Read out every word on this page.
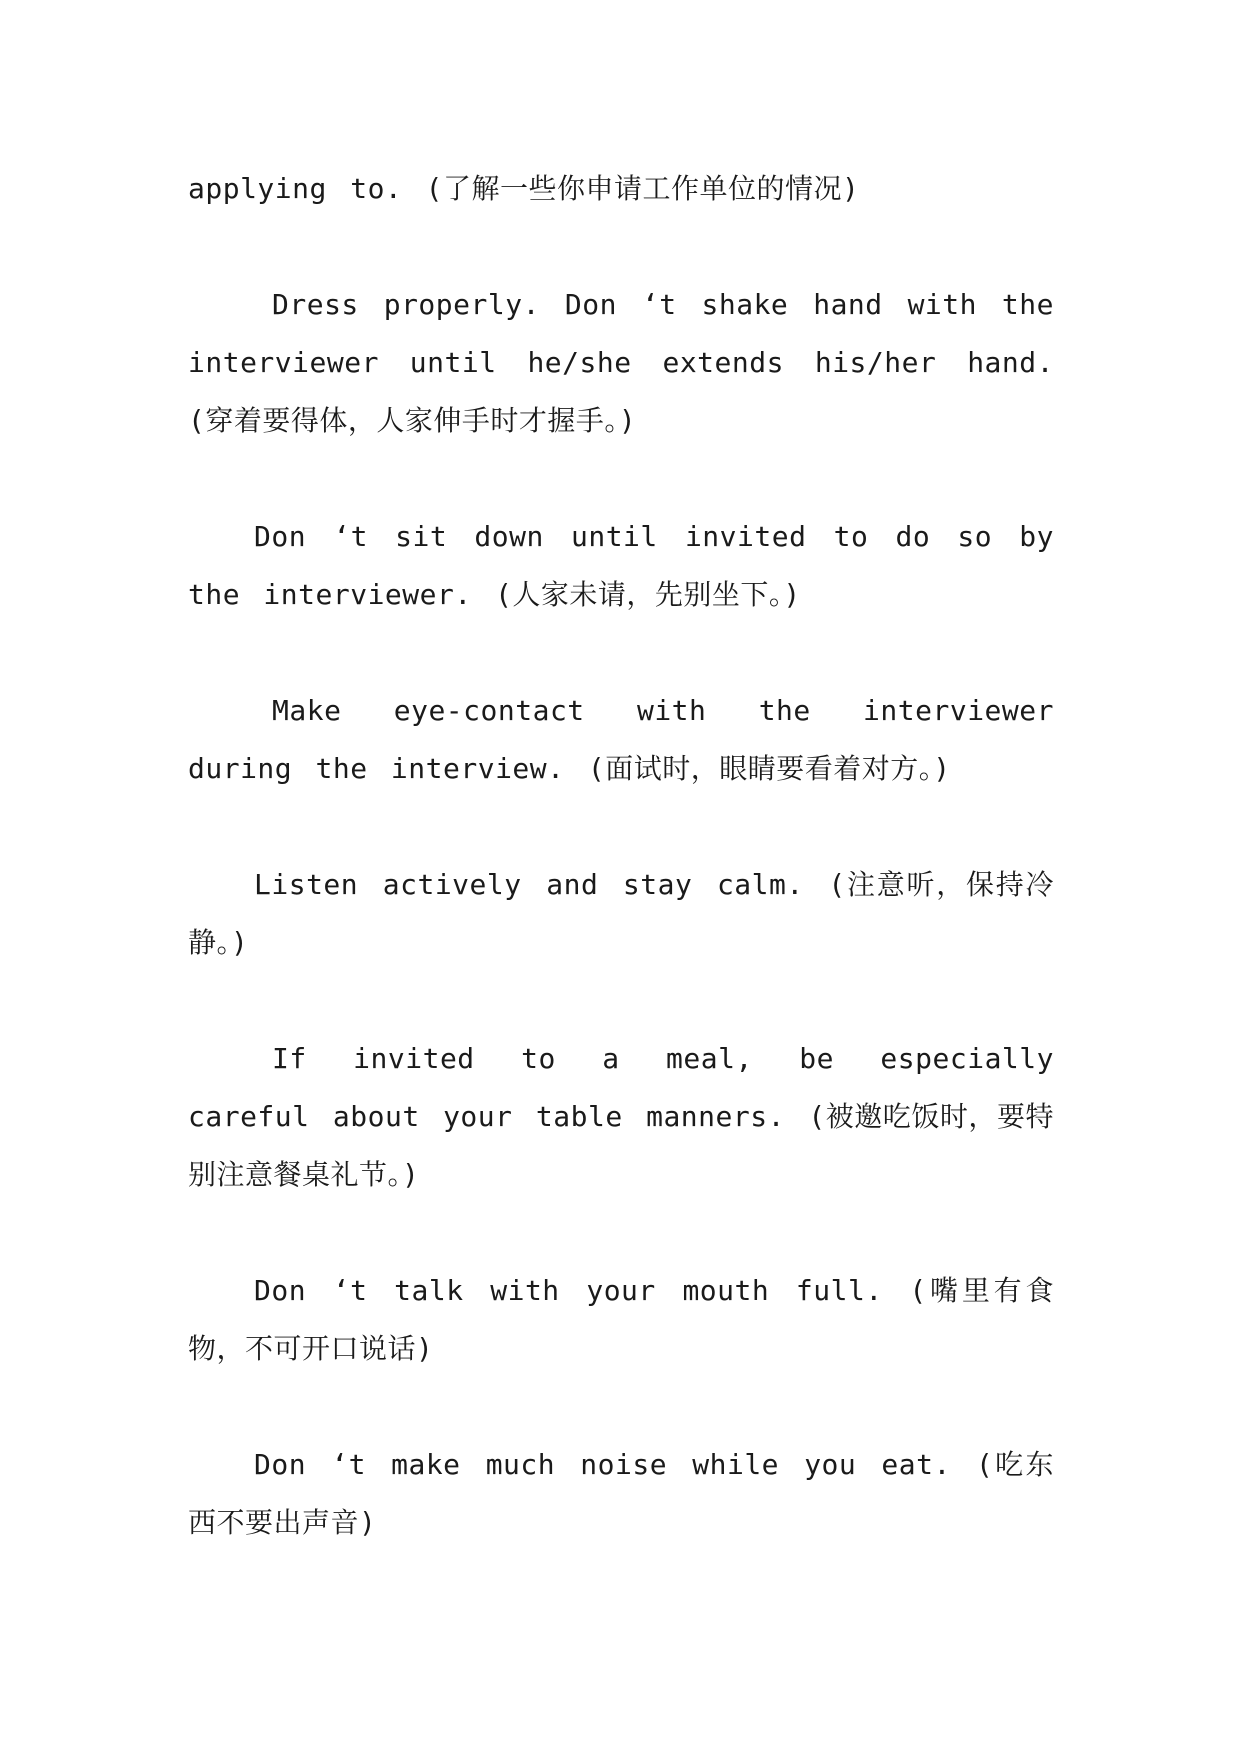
applying to. (了解一些你申请工作单位的情况)

Dress properly. Don ‘t shake hand with the interviewer until he/she extends his/her hand. (穿着要得体，人家伸手时才握手。)

Don ‘t sit down until invited to do so by the interviewer. (人家未请，先别坐下。)

Make eye-contact with the interviewer during the interview. (面试时，眼睛要看着对方。)

Listen actively and stay calm. (注意听，保持冷静。)

If invited to a meal, be especially careful about your table manners. (被邀吃饭时，要特别注意餐桌礼节。)

Don ‘t talk with your mouth full. (嘴里有食物，不可开口说话)

Don ‘t make much noise while you eat. (吃东西不要出声音)
